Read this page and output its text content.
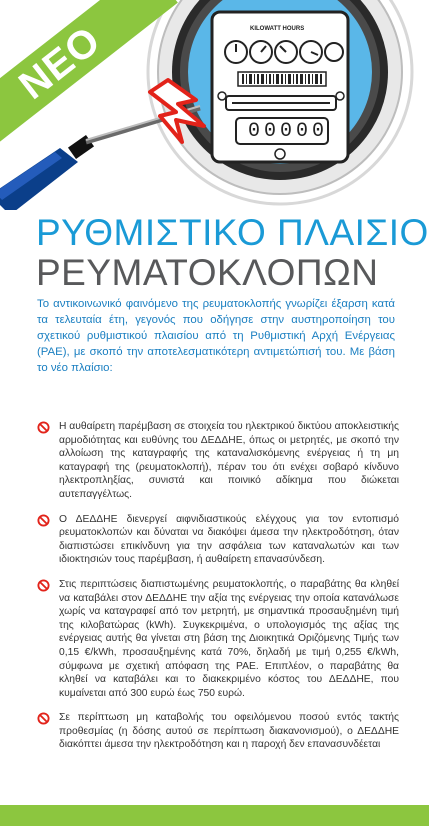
ΝΕΟ	KILOWATT HOURS
00000
ΡΥΘΜΙΣΤΙΚΟ ΠΛΑΙΣΙΟ
ΡΕΥΜΑΤΟΚΛΟΠΩΝ
Το αντικοινωνικό φαινόμενο της ρευματοκλοπής γνωρίζει έξαρση κατά τα τελευταία έτη, γεγονός που οδήγησε στην αυστηροποίηση του σχετικού ρυθμιστικού πλαισίου από τη Ρυθμιστική Αρχή Ενέργειας (ΡΑΕ), με σκοπό την αποτελεσματικότερη αντιμετώπισή του. Με βάση το νέο πλαίσιο:
Η αυθαίρετη παρέμβαση σε στοιχεία του ηλεκτρικού δικτύου αποκλειστικής αρμοδιότητας και ευθύνης του ΔΕΔΔΗΕ, όπως οι μετρητές, με σκοπό την αλλοίωση της καταγραφής της καταναλισκόμενης ενέργειας ή τη μη καταγραφή της (ρευματοκλοπή), πέραν του ότι ενέχει σοβαρό κίνδυνο ηλεκτροπληξίας, συνιστά και ποινικό αδίκημα που διώκεται αυτεπαγγέλτως.
Ο ΔΕΔΔΗΕ διενεργεί αιφνιδιαστικούς ελέγχους για τον εντοπισμό ρευματοκλοπών και δύναται να διακόψει άμεσα την ηλεκτροδότηση, όταν διαπιστώσει επικίνδυνη για την ασφάλεια των καταναλωτών και των ιδιοκτησιών τους παρέμβαση, ή αυθαίρετη επανασύνδεση.
Στις περιπτώσεις διαπιστωμένης ρευματοκλοπής, ο παραβάτης θα κληθεί να καταβάλει στον ΔΕΔΔΗΕ την αξία της ενέργειας την οποία κατανάλωσε χωρίς να καταγραφεί από τον μετρητή, με σημαντικά προσαυξημένη τιμή της κιλοβατώρας (kWh). Συγκεκριμένα, ο υπολογισμός της αξίας της ενέργειας αυτής θα γίνεται στη βάση της Διοικητικά Οριζόμενης Τιμής των 0,15 €/kWh, προσαυξημένης κατά 70%, δηλαδή με τιμή 0,255 €/kWh, σύμφωνα με σχετική απόφαση της ΡΑΕ. Επιπλέον, ο παραβάτης θα κληθεί να καταβάλει και το διακεκριμένο κόστος του ΔΕΔΔΗΕ, που κυμαίνεται από 300 ευρώ έως 750 ευρώ.
Σε περίπτωση μη καταβολής του οφειλόμενου ποσού εντός τακτής προθεσμίας (η δόσης αυτού σε περίπτωση διακανονισμού), ο ΔΕΔΔΗΕ διακόπτει άμεσα την ηλεκτροδότηση και η παροχή δεν επανασυνδέεται
